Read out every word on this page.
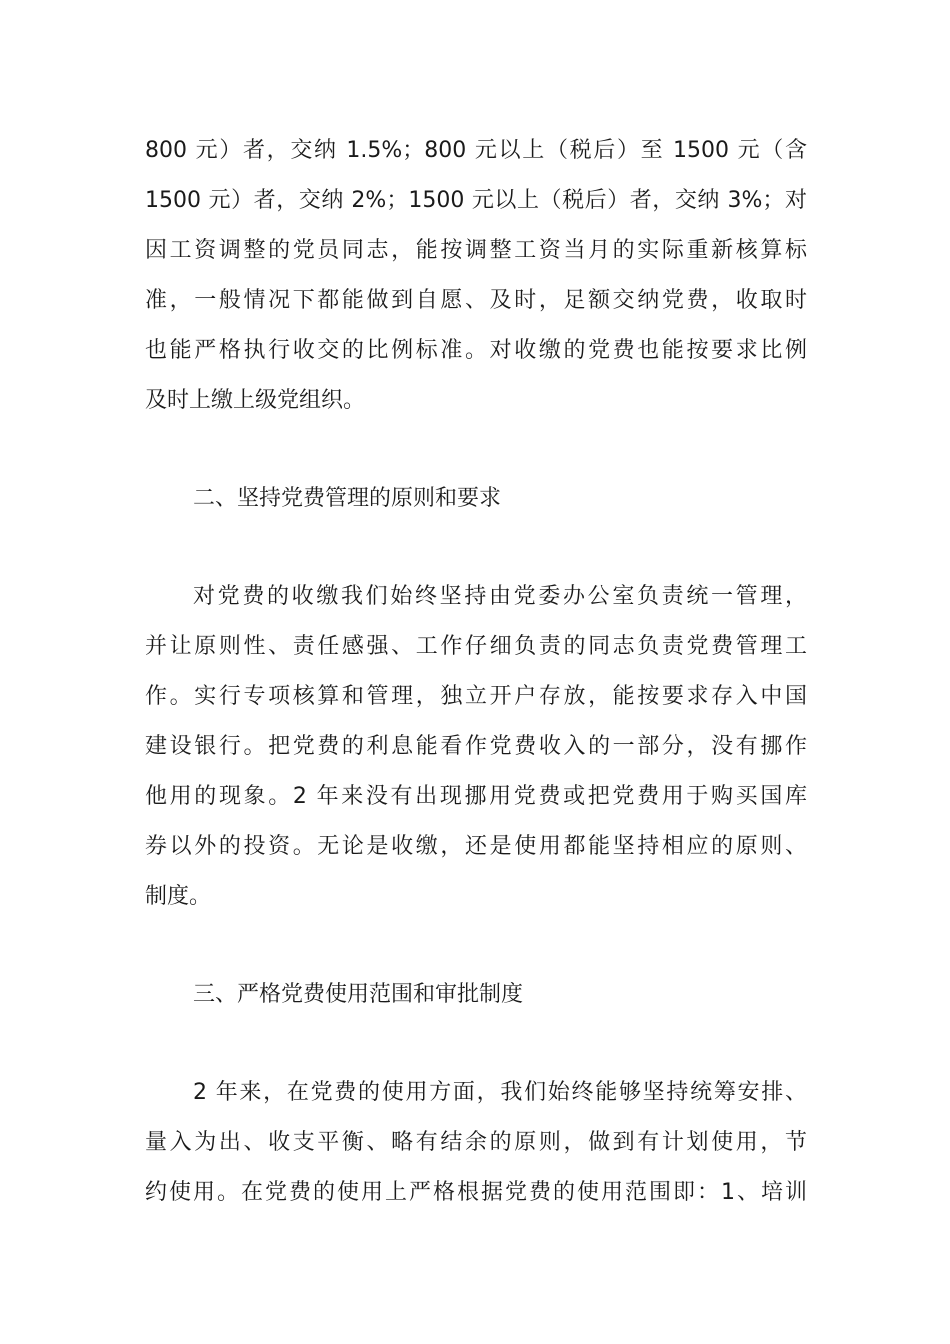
800 元）者，交纳 1.5%；800 元以上（税后）至 1500 元（含
1500 元）者，交纳 2%；1500 元以上（税后）者，交纳 3%；对
因工资调整的党员同志，能按调整工资当月的实际重新核算标
准，一般情况下都能做到自愿、及时，足额交纳党费，收取时
也能严格执行收交的比例标准。对收缴的党费也能按要求比例
及时上缴上级党组织。
二、坚持党费管理的原则和要求
对党费的收缴我们始终坚持由党委办公室负责统一管理，
并让原则性、责任感强、工作仔细负责的同志负责党费管理工
作。实行专项核算和管理，独立开户存放，能按要求存入中国
建设银行。把党费的利息能看作党费收入的一部分，没有挪作
他用的现象。2 年来没有出现挪用党费或把党费用于购买国库
券以外的投资。无论是收缴，还是使用都能坚持相应的原则、
制度。
三、严格党费使用范围和审批制度
2 年来，在党费的使用方面，我们始终能够坚持统筹安排、
量入为出、收支平衡、略有结余的原则，做到有计划使用，节
约使用。在党费的使用上严格根据党费的使用范围即：1、培训
